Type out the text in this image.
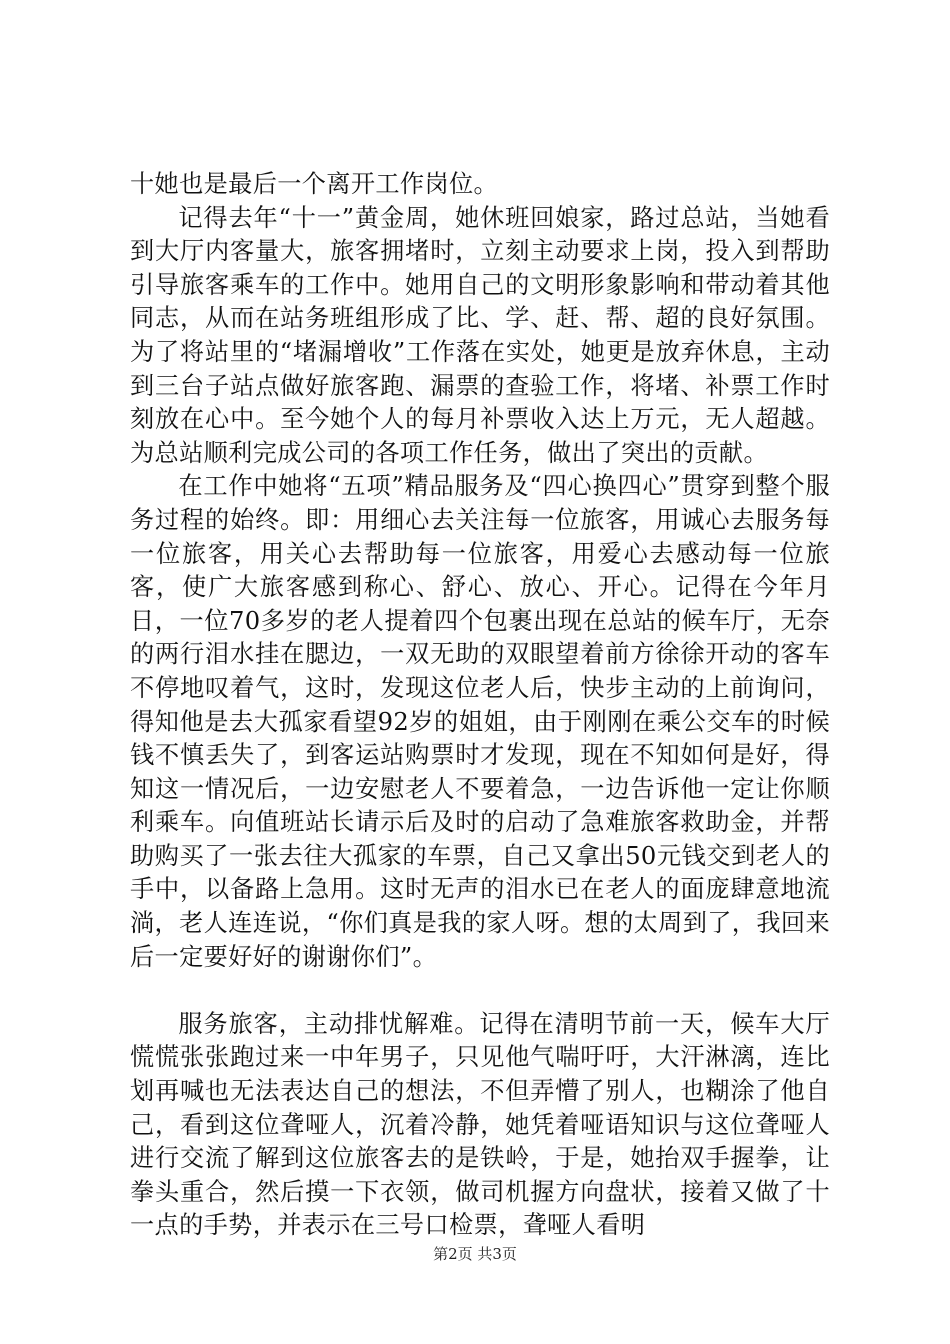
十她也是最后一个离开工作岗位。

记得去年“十一”黄金周，她休班回娘家，路过总站，当她看到大厅内客量大，旅客拥堵时，立刻主动要求上岗，投入到帮助引导旅客乘车的工作中。她用自己的文明形象影响和带动着其他同志，从而在站务班组形成了比、学、赶、帮、超的良好氛围。为了将站里的“堵漏增收”工作落在实处，她更是放弃休息，主动到三台子站点做好旅客跑、漏票的查验工作，将堵、补票工作时刻放在心中。至今她个人的每月补票收入达上万元，无人超越。为总站顺利完成公司的各项工作任务，做出了突出的贡献。

在工作中她将“五项”精品服务及“四心换四心”贯穿到整个服务过程的始终。即：用细心去关注每一位旅客，用诚心去服务每一位旅客，用关心去帮助每一位旅客，用爱心去感动每一位旅客，使广大旅客感到称心、舒心、放心、开心。记得在今年月日，一位70多岁的老人提着四个包裹出现在总站的候车厅，无奈的两行泪水挂在腮边，一双无助的双眼望着前方徐徐开动的客车不停地叹着气，这时，发现这位老人后，快步主动的上前询问，得知他是去大孤家看望92岁的姐姐，由于刚刚在乘公交车的时候钱不慎丢失了，到客运站购票时才发现，现在不知如何是好，得知这一情况后，一边安慰老人不要着急，一边告诉他一定让你顺利乘车。向值班站长请示后及时的启动了急难旅客救助金，并帮助购买了一张去往大孤家的车票，自己又拿出50元钱交到老人的手中，以备路上急用。这时无声的泪水已在老人的面庞肆意地流淌，老人连连说，“你们真是我的家人呀。想的太周到了，我回来后一定要好好的谢谢你们”。

服务旅客，主动排忧解难。记得在清明节前一天，候车大厅慌慌张张跑过来一中年男子，只见他气喘吁吁，大汗淋漓，连比划再喊也无法表达自己的想法，不但弄懵了别人，也糊涂了他自己，看到这位聋哑人，沉着冷静，她凭着哑语知识与这位聋哑人进行交流了解到这位旅客去的是铁岭，于是，她抬双手握拳，让拳头重合，然后摸一下衣领，做司机握方向盘状，接着又做了十一点的手势，并表示在三号口检票，聋哑人看明

第2页 共3页
